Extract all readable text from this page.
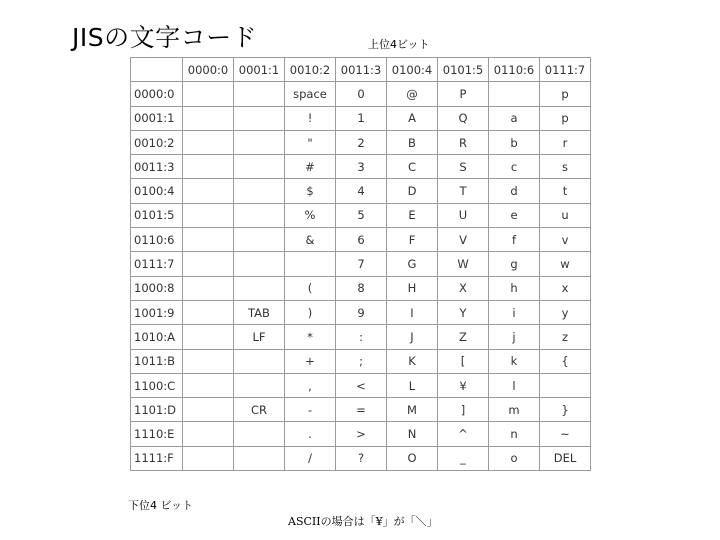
JISの文字コード	上位4ビット
	0000:0	0001:1	0010:2	0011:3	0100:4	0101:5	0110:6	0111:7
0000:0			space	0	@	P		p
0001:1			!	1	A	Q	a	p
0010:2			"	2	B	R	b	r
0011:3			#	3	C	S	c	s
0100:4			$	4	D	T	d	t
0101:5			%	5	E	U	e	u
0110:6			&	6	F	V	f	v
0111:7				7	G	W	g	w
1000:8			(	8	H	X	h	x
1001:9		TAB	)	9	I	Y	i	y
1010:A		LF	*	:	J	Z	j	z
1011:B			+	;	K	[	k	{
1100:C			,	<	L	¥	l	
1101:D		CR	-	=	M	]	m	}
1110:E			.	>	N	^	n	~
1111:F			/	?	O	_	o	DEL
下位4 ビット
ASCIIの場合は「¥」が「＼」
